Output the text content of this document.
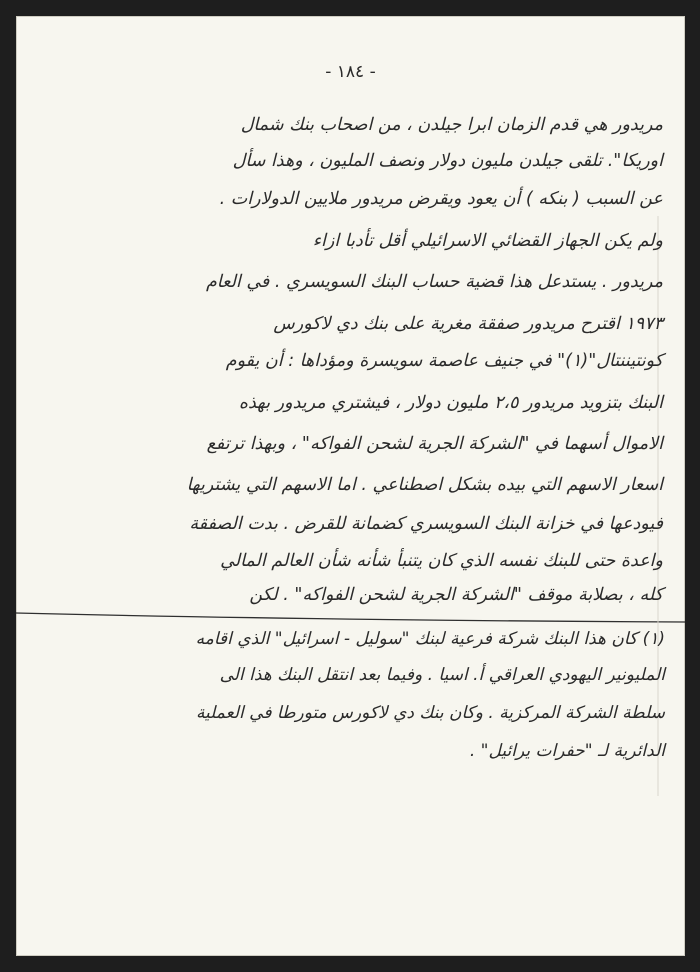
- ١٨٤ -
مريدور هي قدم الزمان ابرا جيلدن ، من اصحاب بنك شمال
اوريكا". تلقى جيلدن مليون دولار ونصف المليون ، وهذا سأل
عن السبب ( بنكه ) أن يعود ويقرض مريدور ملايين الدولارات .
ولم يكن الجهاز القضائي الاسرائيلي أقل تأدبا ازاء
مريدور . يستدعل هذا قضية حساب البنك السويسري . في العام
١٩٧٣ اقترح مريدور صفقة مغرية على بنك دي لاكورس
كونتيننتال"(١)" في جنيف عاصمة سويسرة ومؤداها : أن يقوم
البنك بتزويد مريدور ٢،٥ مليون دولار ، فيشتري مريدور بهذه
الاموال أسهما في "الشركة الجرية لشحن الفواكه" ، وبهذا ترتفع
اسعار الاسهم التي بيده بشكل اصطناعي . اما الاسهم التي يشتريها
فيودعها في خزانة البنك السويسري كضمانة للقرض . بدت الصفقة
واعدة حتى للبنك نفسه الذي كان يتنبأ شأنه شأن العالم المالي
كله ، بصلابة موقف "الشركة الجرية لشحن الفواكه" . لكن
(١) كان هذا البنك شركة فرعية لبنك "سوليل - اسرائيل" الذي اقامه
المليونير اليهودي العراقي أ. اسيا . وفيما بعد انتقل البنك هذا الى
سلطة الشركة المركزية . وكان بنك دي لاكورس متورطا في العملية
الدائرية لـ "حفرات يرائيل" .
